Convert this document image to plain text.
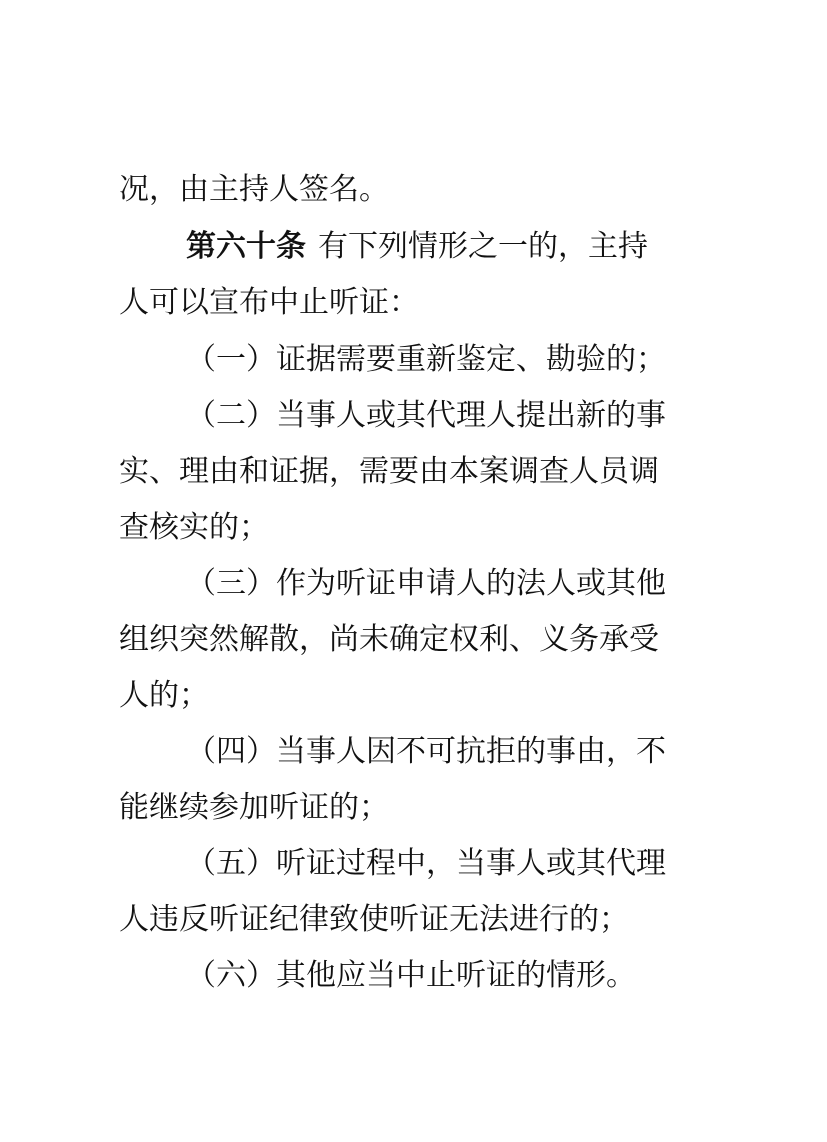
况，由主持人签名。
第六十条 有下列情形之一的，主持
人可以宣布中止听证：
（一）证据需要重新鉴定、勘验的；
（二）当事人或其代理人提出新的事
实、理由和证据，需要由本案调查人员调
查核实的；
（三）作为听证申请人的法人或其他
组织突然解散，尚未确定权利、义务承受
人的；
（四）当事人因不可抗拒的事由，不
能继续参加听证的；
（五）听证过程中，当事人或其代理
人违反听证纪律致使听证无法进行的；
（六）其他应当中止听证的情形。
